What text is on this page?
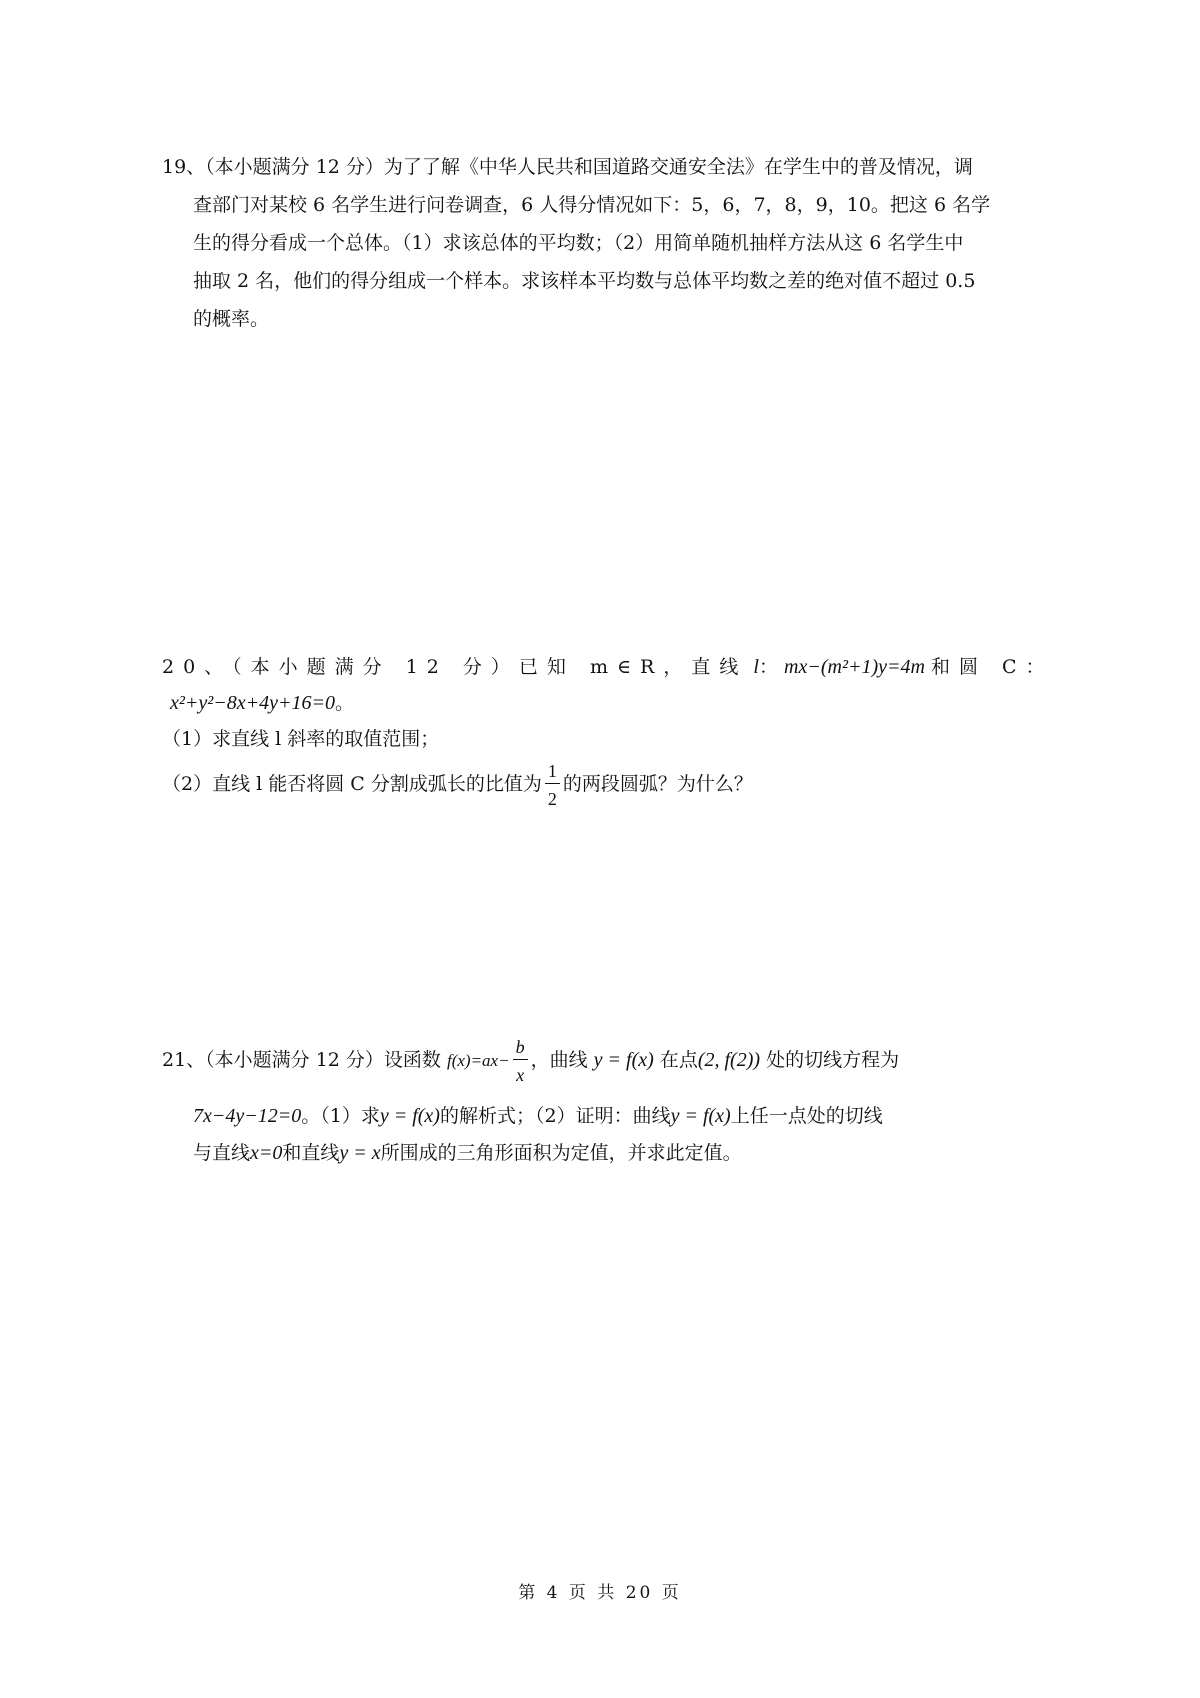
19、（本小题满分 12 分）为了了解《中华人民共和国道路交通安全法》在学生中的普及情况，调
查部门对某校 6 名学生进行问卷调查，6 人得分情况如下：5，6，7，8，9，10。把这 6 名学
生的得分看成一个总体。（1）求该总体的平均数；（2）用简单随机抽样方法从这 6 名学生中
抽取 2 名，他们的得分组成一个样本。求该样本平均数与总体平均数之差的绝对值不超过 0.5
的概率。
20、（本小题满分 12 分）已知 m∈R，直线 l： mx−(m²+1)y=4m 和圆 C：
x²+y²−8x+4y+16=0。
（1）求直线 l 斜率的取值范围；
（2）直线 l 能否将圆 C 分割成弧长的比值为 $\frac{1}{2}$ 的两段圆弧？为什么？
21、（本小题满分 12 分）设函数 $f(x)=ax- \frac{b}{x}$ ，曲线 y = f(x) 在点(2, f(2)) 处的切线方程为
7x−4y−12=0。（1）求y = f(x)的解析式；（2）证明：曲线y = f(x)上任一点处的切线
与直线x=0和直线y = x所围成的三角形面积为定值，并求此定值。
第 4 页 共 20 页
